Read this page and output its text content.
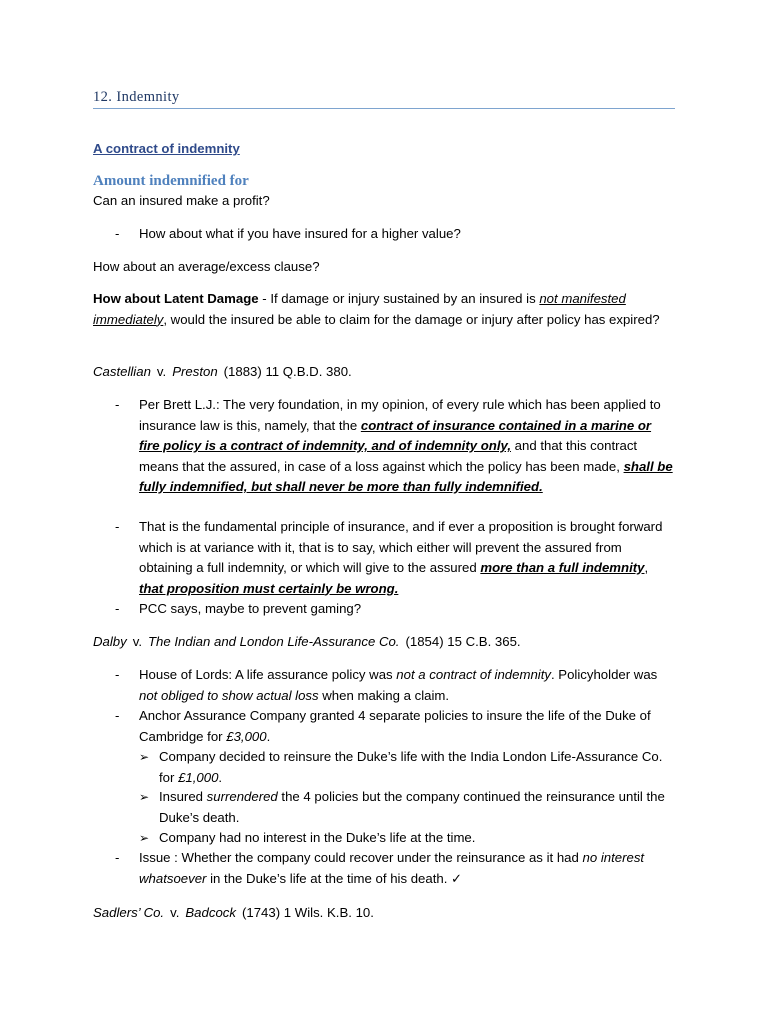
12. Indemnity
A contract of indemnity
Amount indemnified for

Can an insured make a profit?

- How about what if you have insured for a higher value?

How about an average/excess clause?

How about Latent Damage - If damage or injury sustained by an insured is not manifested immediately, would the insured be able to claim for the damage or injury after policy has expired?

Castellian v. Preston (1883) 11 Q.B.D. 380.

- Per Brett L.J.: The very foundation, in my opinion, of every rule which has been applied to insurance law is this, namely, that the contract of insurance contained in a marine or fire policy is a contract of indemnity, and of indemnity only, and that this contract means that the assured, in case of a loss against which the policy has been made, shall be fully indemnified, but shall never be more than fully indemnified.
- That is the fundamental principle of insurance, and if ever a proposition is brought forward which is at variance with it, that is to say, which either will prevent the assured from obtaining a full indemnity, or which will give to the assured more than a full indemnity, that proposition must certainly be wrong.
- PCC says, maybe to prevent gaming?

Dalby v. The Indian and London Life-Assurance Co. (1854) 15 C.B. 365.

- House of Lords: A life assurance policy was not a contract of indemnity. Policyholder was not obliged to show actual loss when making a claim.
- Anchor Assurance Company granted 4 separate policies to insure the life of the Duke of Cambridge for £3,000.
➢ Company decided to reinsure the Duke’s life with the India London Life-Assurance Co. for £1,000.
➢ Insured surrendered the 4 policies but the company continued the reinsurance until the Duke’s death.
➢ Company had no interest in the Duke’s life at the time.
- Issue : Whether the company could recover under the reinsurance as it had no interest whatsoever in the Duke’s life at the time of his death. ✓

Sadlers’ Co. v. Badcock (1743) 1 Wils. K.B. 10.
